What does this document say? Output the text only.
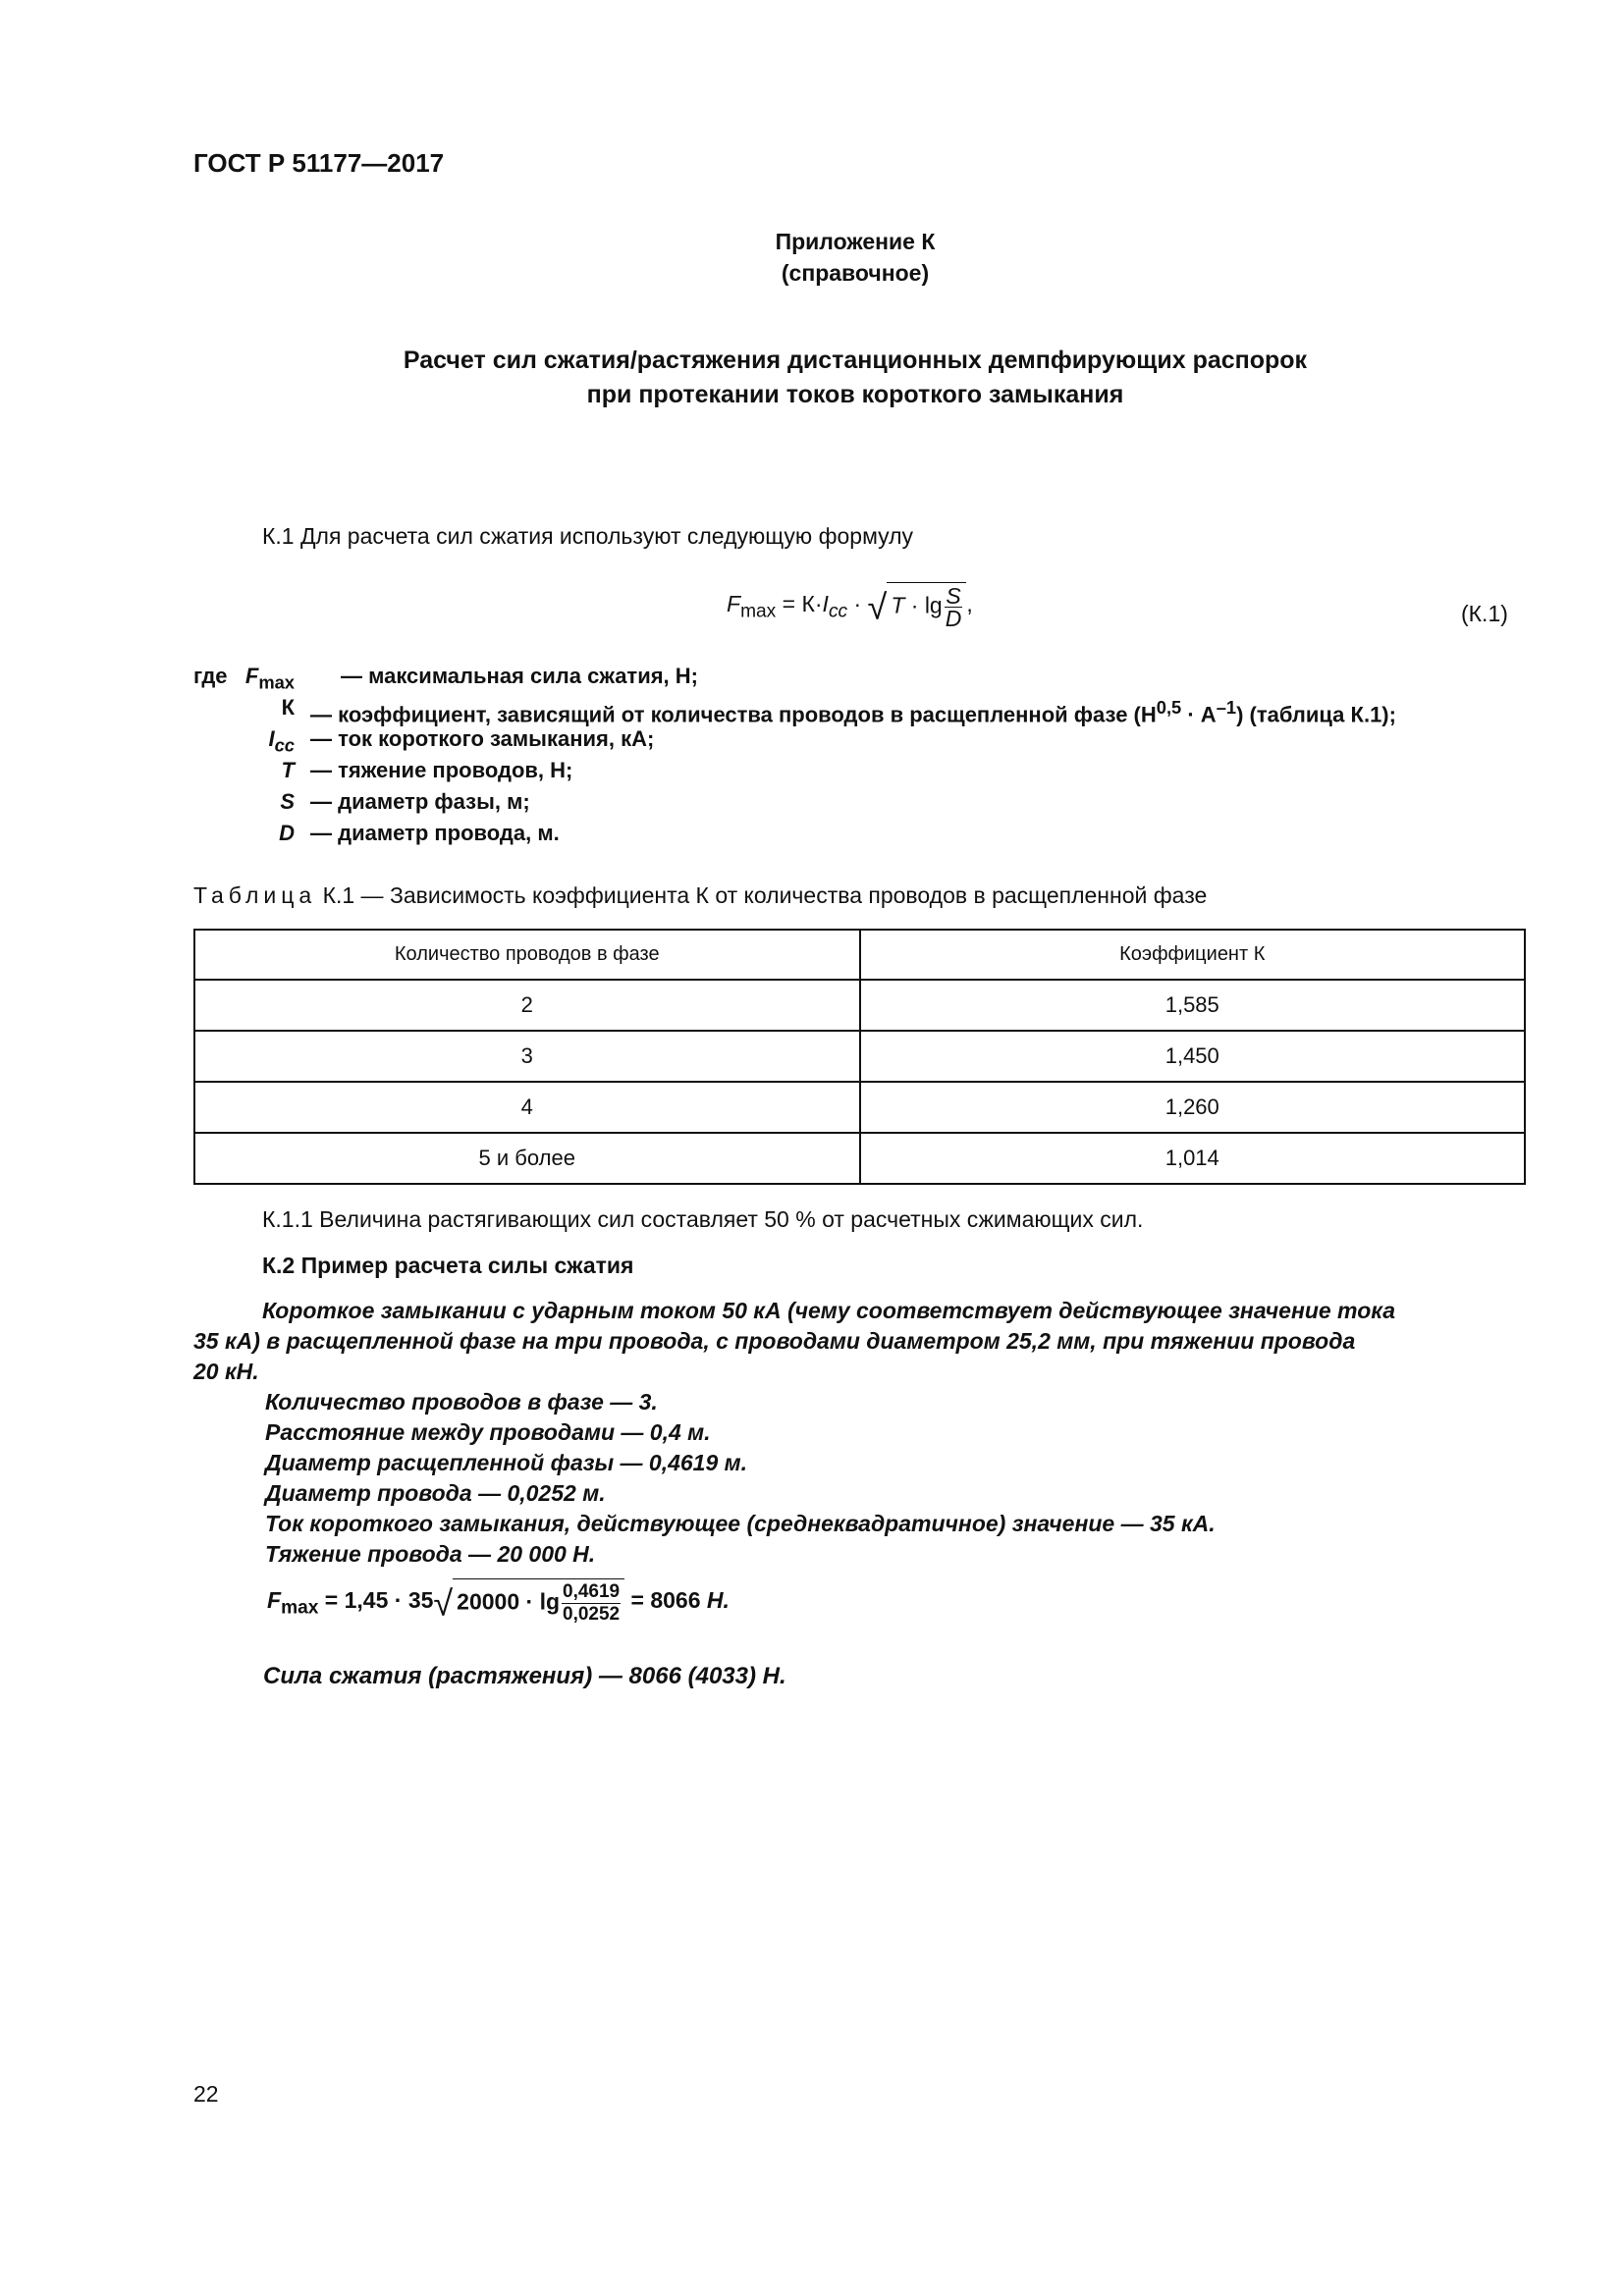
ГОСТ Р 51177—2017
Приложение К
(справочное)
Расчет сил сжатия/растяжения дистанционных демпфирующих распорок
при протекании токов короткого замыкания
К.1 Для расчета сил сжатия используют следующую формулу
$F_{max} = К\cdot I_{cc}$ · √ $T \cdot \lg \frac{S}{D}$ ,	(К.1)
где $F_{max}$ — максимальная сила сжатия, Н;
К — коэффициент, зависящий от количества проводов в расщепленной фазе $(Н^{0,5} \cdot А^{-1})$ (таблица К.1);
$I_{cc}$ — ток короткого замыкания, кА;
T — тяжение проводов, Н;
S — диаметр фазы, м;
D — диаметр провода, м.
Таблица К.1 — Зависимость коэффициента К от количества проводов в расщепленной фазе
Количество проводов в фазе	Коэффициент К
2	1,585
3	1,450
4	1,260
5 и более	1,014
К.1.1 Величина растягивающих сил составляет 50 % от расчетных сжимающих сил.
К.2 Пример расчета силы сжатия
Короткое замыкании с ударным током 50 кА (чему соответствует действующее значение тока
35 кА) в расщепленной фазе на три провода, с проводами диаметром 25,2 мм, при тяжении провода
20 кН.
Количество проводов в фазе — 3.
Расстояние между проводами — 0,4 м.
Диаметр расщепленной фазы — 0,4619 м.
Диаметр провода — 0,0252 м.
Ток короткого замыкания, действующее (среднеквадратичное) значение — 35 кА.
Тяжение провода — 20 000 Н.
$F_{max} = 1,45 \cdot 35√$ $20000 \cdot \lg \frac{0,4619}{0,0252} = 8066$ Н.
Сила сжатия (растяжения) — 8066 (4033) Н.
22
